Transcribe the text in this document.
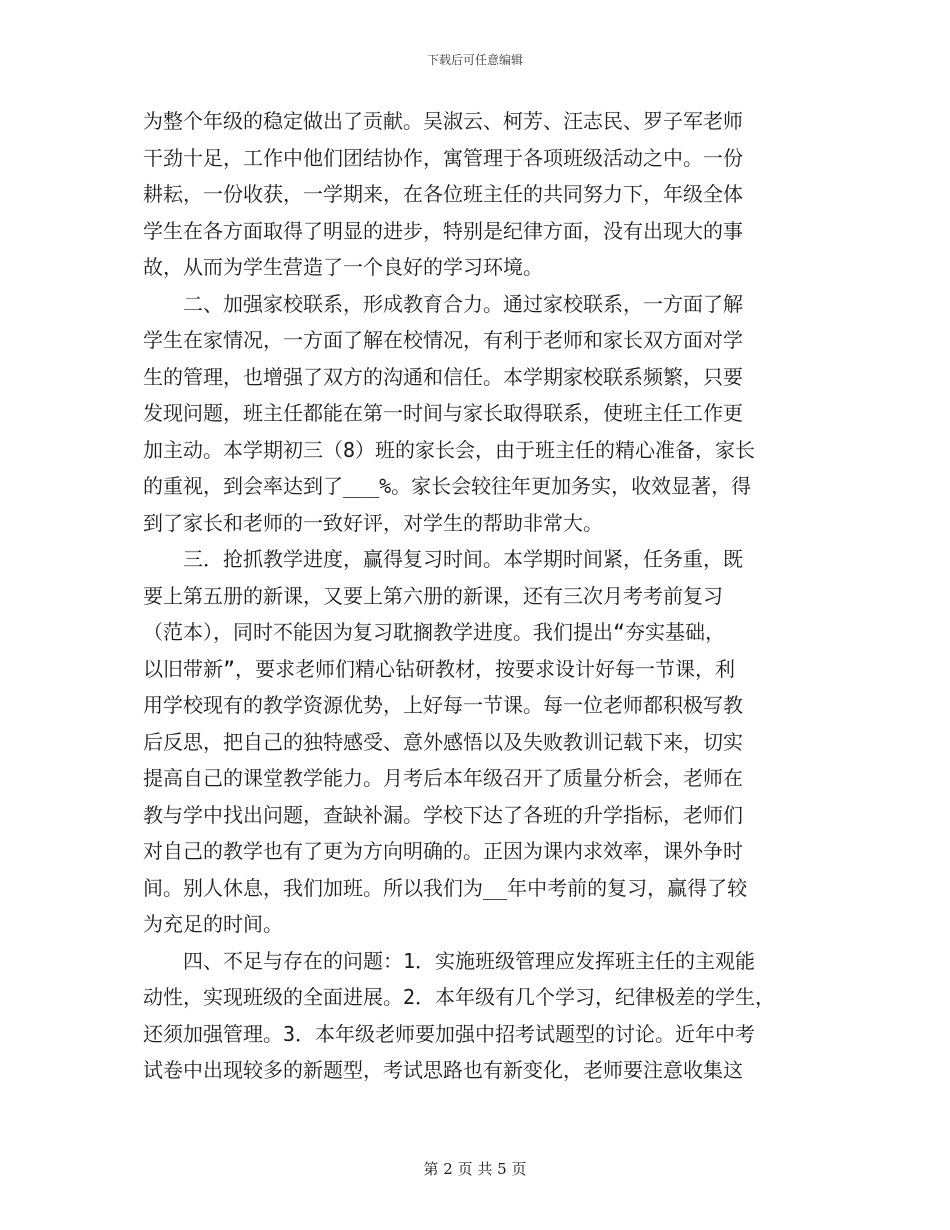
下载后可任意编辑
为整个年级的稳定做出了贡献。吴淑云、柯芳、汪志民、罗子军老师
干劲十足，工作中他们团结协作，寓管理于各项班级活动之中。一份
耕耘，一份收获，一学期来，在各位班主任的共同努力下，年级全体
学生在各方面取得了明显的进步，特别是纪律方面，没有出现大的事
故，从而为学生营造了一个良好的学习环境。
二、加强家校联系，形成教育合力。通过家校联系，一方面了解
学生在家情况，一方面了解在校情况，有利于老师和家长双方面对学
生的管理，也增强了双方的沟通和信任。本学期家校联系频繁，只要
发现问题，班主任都能在第一时间与家长取得联系，使班主任工作更
加主动。本学期初三（8）班的家长会，由于班主任的精心准备，家长
的重视，到会率达到了___%。家长会较往年更加务实，收效显著，得
到了家长和老师的一致好评，对学生的帮助非常大。
三．抢抓教学进度，赢得复习时间。本学期时间紧，任务重，既
要上第五册的新课，又要上第六册的新课，还有三次月考考前复习
（范本），同时不能因为复习耽搁教学进度。我们提出“夯实基础，
以旧带新”，要求老师们精心钻研教材，按要求设计好每一节课，利
用学校现有的教学资源优势，上好每一节课。每一位老师都积极写教
后反思，把自己的独特感受、意外感悟以及失败教训记载下来，切实
提高自己的课堂教学能力。月考后本年级召开了质量分析会，老师在
教与学中找出问题，查缺补漏。学校下达了各班的升学指标，老师们
对自己的教学也有了更为方向明确的。正因为课内求效率，课外争时
间。别人休息，我们加班。所以我们为__年中考前的复习，赢得了较
为充足的时间。
四、不足与存在的问题：1．实施班级管理应发挥班主任的主观能
动性，实现班级的全面进展。2．本年级有几个学习，纪律极差的学生，
还须加强管理。3．本年级老师要加强中招考试题型的讨论。近年中考
试卷中出现较多的新题型，考试思路也有新变化，老师要注意收集这
第 2 页 共 5 页
